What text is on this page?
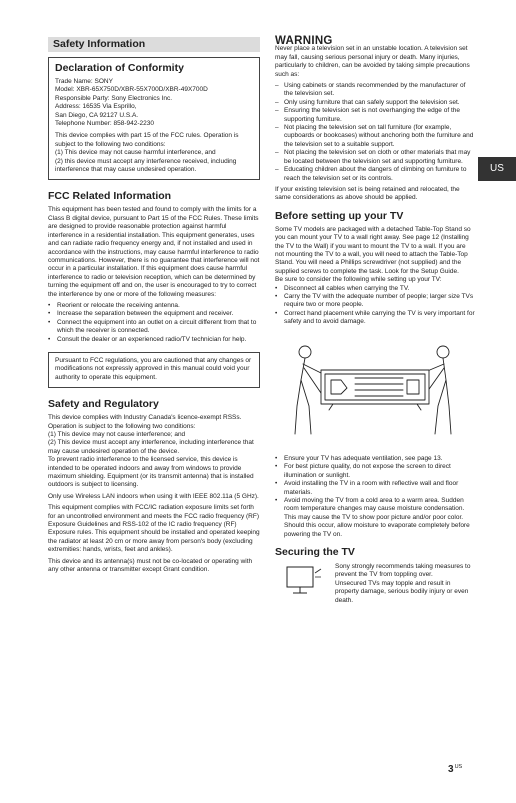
Safety Information
Declaration of Conformity
Trade Name: SONY
Model: XBR-65X750D/XBR-55X700D/XBR-49X700D
Responsible Party: Sony Electronics Inc.
Address: 16535 Via Esprillo,
San Diego, CA 92127 U.S.A.
Telephone Number: 858-942-2230
This device complies with part 15 of the FCC rules. Operation is subject to the following two conditions:
(1) This device may not cause harmful interference, and
(2) this device must accept any interference received, including interference that may cause undesired operation.
FCC Related Information

This equipment has been tested and found to comply with the limits for a Class B digital device, pursuant to Part 15 of the FCC Rules. These limits are designed to provide reasonable protection against harmful interference in a residential installation. This equipment generates, uses and can radiate radio frequency energy and, if not installed and used in accordance with the instructions, may cause harmful interference to radio communications. However, there is no guarantee that interference will not occur in a particular installation. If this equipment does cause harmful interference to radio or television reception, which can be determined by turning the equipment off and on, the user is encouraged to try to correct the interference by one or more of the following measures:

• Reorient or relocate the receiving antenna.
• Increase the separation between the equipment and receiver.
• Connect the equipment into an outlet on a circuit different from that to which the receiver is connected.
• Consult the dealer or an experienced radio/TV technician for help.
Pursuant to FCC regulations, you are cautioned that any changes or modifications not expressly approved in this manual could void your authority to operate this equipment.
Safety and Regulatory
This device complies with Industry Canada's licence-exempt RSSs. Operation is subject to the following two conditions:
(1) This device may not cause interference; and
(2) This device must accept any interference, including interference that may cause undesired operation of the device.

To prevent radio interference to the licensed service, this device is intended to be operated indoors and away from windows to provide maximum shielding. Equipment (or its transmit antenna) that is installed outdoors is subject to licensing.

Only use Wireless LAN indoors when using it with IEEE 802.11a (5 GHz).

This equipment complies with FCC/IC radiation exposure limits set forth for an uncontrolled environment and meets the FCC radio frequency (RF) Exposure Guidelines and RSS-102 of the IC radio frequency (RF) Exposure rules. This equipment should be installed and operated keeping the radiator at least 20 cm or more away from person's body (excluding extremities: hands, wrists, feet and ankles).

This device and its antenna(s) must not be co-located or operating with any other antenna or transmitter except Grant condition.

WARNING

Never place a television set in an unstable location. A television set may fall, causing serious personal injury or death. Many injuries, particularly to children, can be avoided by taking simple precautions such as:

– Using cabinets or stands recommended by the manufacturer of the television set.
– Only using furniture that can safely support the television set.
– Ensuring the television set is not overhanging the edge of the supporting furniture.
– Not placing the television set on tall furniture (for example, cupboards or bookcases) without anchoring both the furniture and the television set to a suitable support.
– Not placing the television set on cloth or other materials that may be located between the television set and supporting furniture.
– Educating children about the dangers of climbing on furniture to reach the television set or its controls.

If your existing television set is being retained and relocated, the same considerations as above should be applied.

Before setting up your TV
Some TV models are packaged with a detached Table-Top Stand so you can mount your TV to a wall right away. See page 12 (Installing the TV to the Wall) if you want to mount the TV to a wall. If you are not mounting the TV to a wall, you will need to attach the Table-Top Stand. You will need a Phillips screwdriver (not supplied) and the supplied screws to complete the task. Look for the Setup Guide.
Be sure to consider the following while setting up your TV:
• Disconnect all cables when carrying the TV.
• Carry the TV with the adequate number of people; larger size TVs require two or more people.
• Correct hand placement while carrying the TV is very important for safety and to avoid damage.
• Ensure your TV has adequate ventilation, see page 13.
• For best picture quality, do not expose the screen to direct illumination or sunlight.
• Avoid installing the TV in a room with reflective wall and floor materials.
• Avoid moving the TV from a cold area to a warm area. Sudden room temperature changes may cause moisture condensation. This may cause the TV to show poor picture and/or poor color. Should this occur, allow moisture to evaporate completely before powering the TV on.
Securing the TV
Sony strongly recommends taking measures to prevent the TV from toppling over.
Unsecured TVs may topple and result in property damage, serious bodily injury or even death.
US
$3^{US}$
